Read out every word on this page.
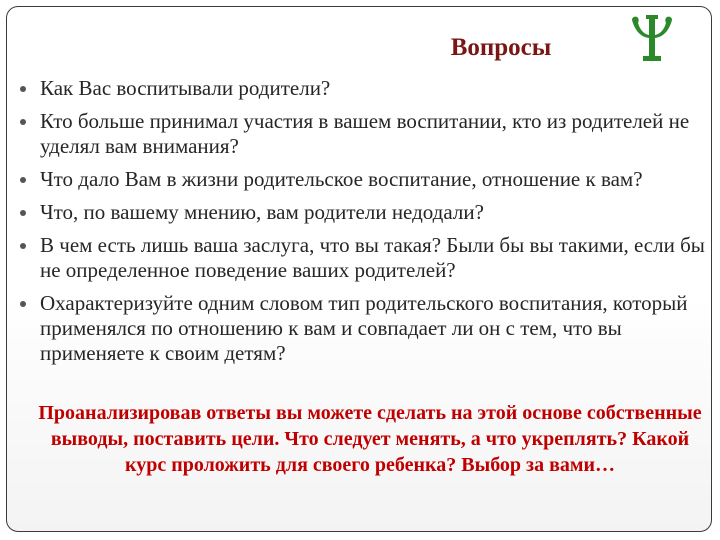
Вопросы
Как Вас воспитывали родители?
Кто больше принимал участия в вашем воспитании, кто из родителей не уделял вам внимания?
Что дало Вам в жизни родительское воспитание, отношение к вам?
Что, по вашему мнению, вам родители недодали?
В чем есть лишь ваша заслуга, что вы такая? Были бы вы такими, если бы не определенное поведение ваших родителей?
Охарактеризуйте одним словом тип родительского воспитания, который применялся по отношению к вам и совпадает ли он с тем, что вы применяете к своим детям?
Проанализировав ответы вы можете сделать на этой основе собственные выводы, поставить цели. Что следует менять, а что укреплять? Какой курс проложить для своего ребенка? Выбор за вами…
